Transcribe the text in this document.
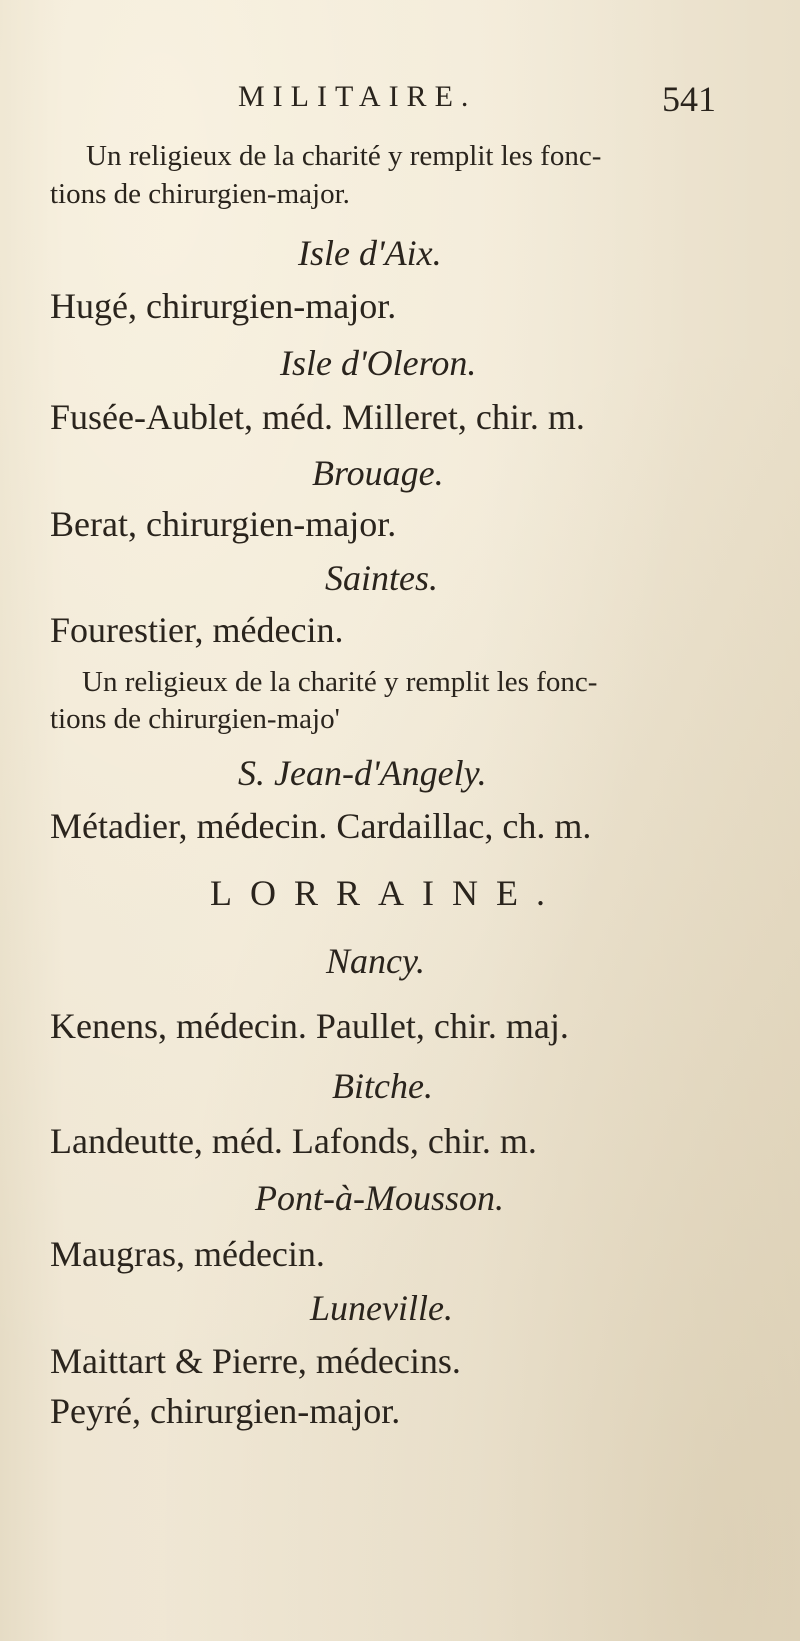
MILITAIRE.	541
Un religieux de la charité y remplit les fonc-
tions de chirurgien-major.
Isle d'Aix.
Hugé, chirurgien-major.
Isle d'Oleron.
Fusée-Aublet, méd. Milleret, chir. m.
Brouage.
Berat, chirurgien-major.
Saintes.
Fourestier, médecin.
Un religieux de la charité y remplit les fonc-
tions de chirurgien-majo'
S. Jean-d'Angely.
Métadier, médecin. Cardaillac, ch. m.
LORRAINE.
Nancy.
Kenens, médecin. Paullet, chir. maj.
Bitche.
Landeutte, méd. Lafonds, chir. m.
Pont-à-Mousson.
Maugras, médecin.
Luneville.
Maittart & Pierre, médecins.
Peyré, chirurgien-major.
